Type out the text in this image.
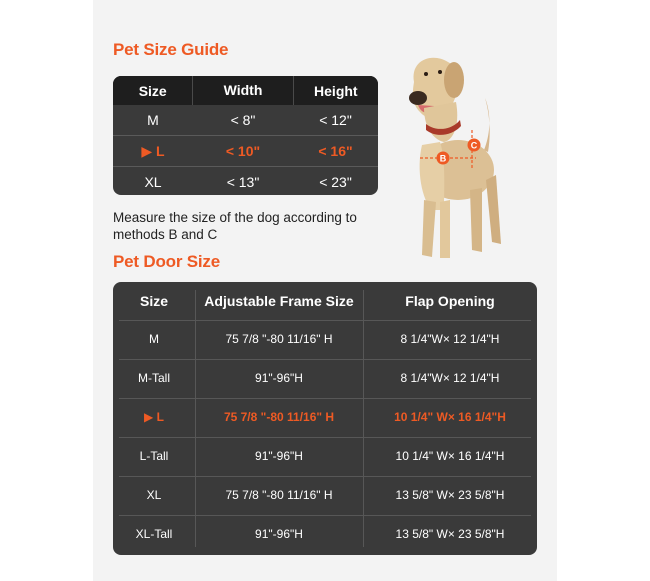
Pet Size Guide
Size	Width	Height
M	< 8"	< 12"
▶ L	< 10"	< 16"
XL	< 13"	< 23"
B
C
Measure the size of the dog according to methods B and C
Pet Door Size
Size	Adjustable Frame Size	Flap Opening
M	75 7/8 "-80 11/16" H	8 1/4"W× 12 1/4"H
M-Tall	91"-96"H	8 1/4"W× 12 1/4"H
▶ L	75 7/8 "-80 11/16" H	10 1/4" W× 16 1/4"H
L-Tall	91"-96"H	10 1/4" W× 16 1/4"H
XL	75 7/8 "-80 11/16" H	13 5/8" W× 23 5/8"H
XL-Tall	91"-96"H	13 5/8" W× 23 5/8"H
